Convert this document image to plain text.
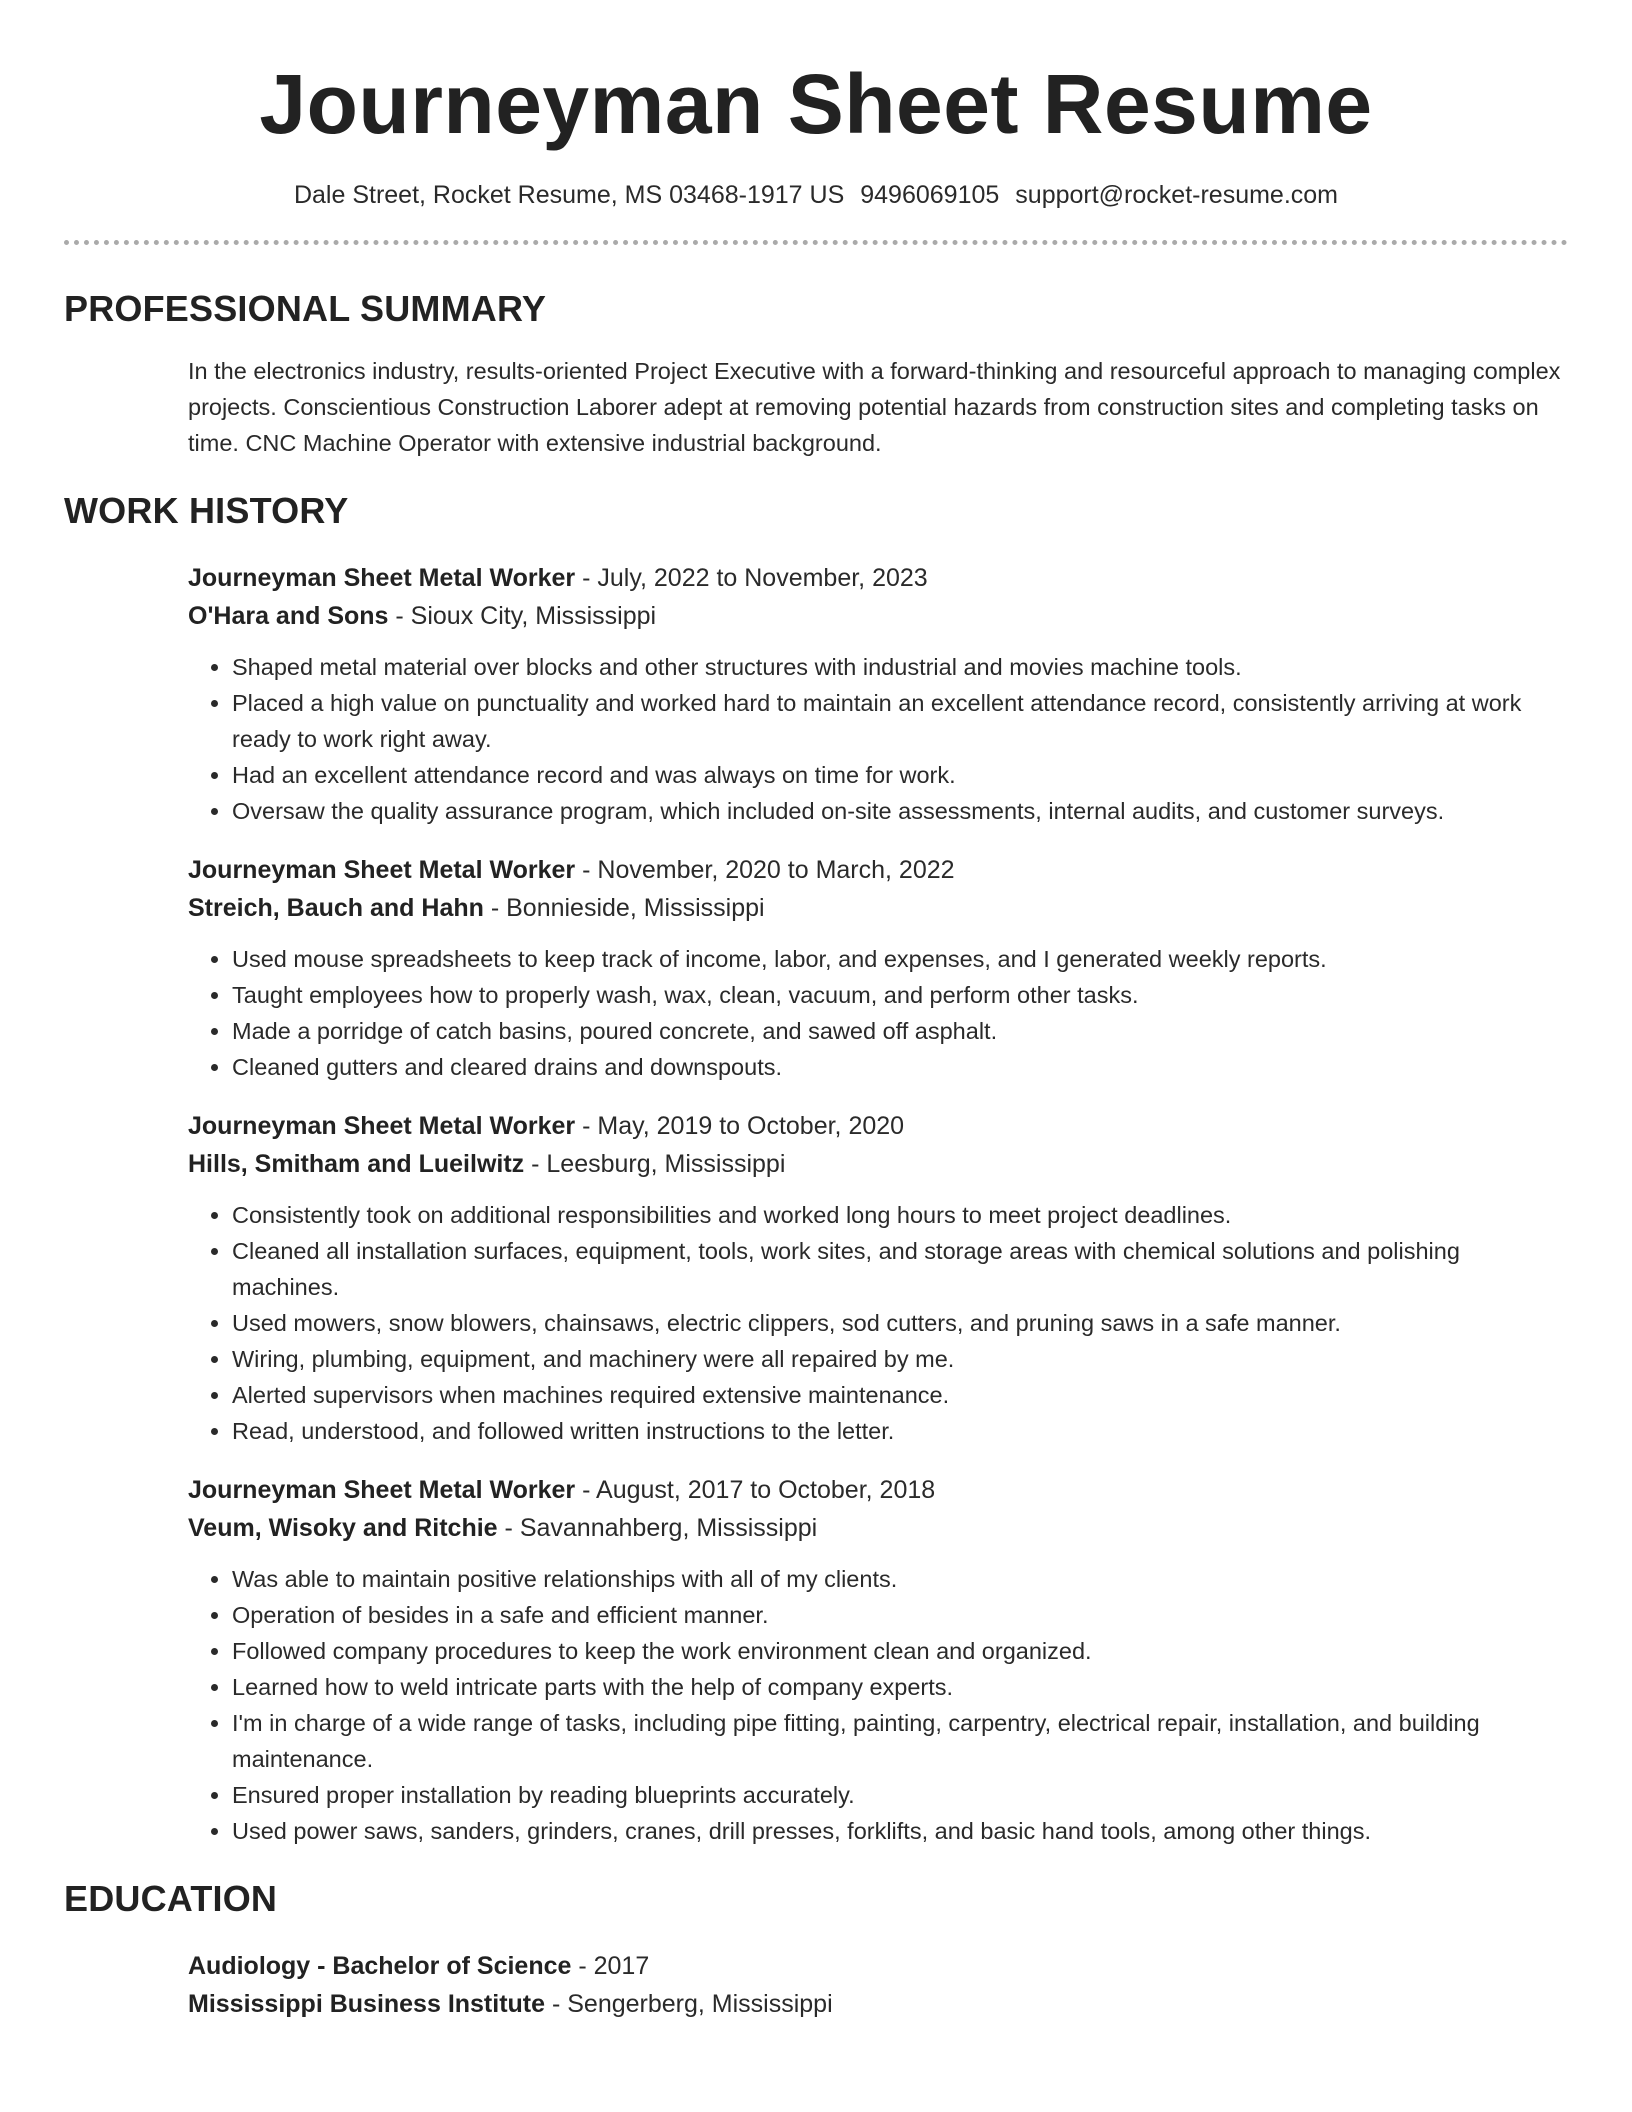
Journeyman Sheet Resume
Dale Street, Rocket Resume, MS 03468-1917 US 9496069105 support@rocket-resume.com
PROFESSIONAL SUMMARY

In the electronics industry, results-oriented Project Executive with a forward-thinking and resourceful approach to managing complex projects. Conscientious Construction Laborer adept at removing potential hazards from construction sites and completing tasks on time. CNC Machine Operator with extensive industrial background.

WORK HISTORY
Journeyman Sheet Metal Worker - July, 2022 to November, 2023
O'Hara and Sons - Sioux City, Mississippi
• Shaped metal material over blocks and other structures with industrial and movies machine tools.
• Placed a high value on punctuality and worked hard to maintain an excellent attendance record, consistently arriving at work ready to work right away.
• Had an excellent attendance record and was always on time for work.
• Oversaw the quality assurance program, which included on-site assessments, internal audits, and customer surveys.
Journeyman Sheet Metal Worker - November, 2020 to March, 2022
Streich, Bauch and Hahn - Bonnieside, Mississippi
• Used mouse spreadsheets to keep track of income, labor, and expenses, and I generated weekly reports.
• Taught employees how to properly wash, wax, clean, vacuum, and perform other tasks.
• Made a porridge of catch basins, poured concrete, and sawed off asphalt.
• Cleaned gutters and cleared drains and downspouts.
Journeyman Sheet Metal Worker - May, 2019 to October, 2020
Hills, Smitham and Lueilwitz - Leesburg, Mississippi
• Consistently took on additional responsibilities and worked long hours to meet project deadlines.
• Cleaned all installation surfaces, equipment, tools, work sites, and storage areas with chemical solutions and polishing machines.
• Used mowers, snow blowers, chainsaws, electric clippers, sod cutters, and pruning saws in a safe manner.
• Wiring, plumbing, equipment, and machinery were all repaired by me.
• Alerted supervisors when machines required extensive maintenance.
• Read, understood, and followed written instructions to the letter.
Journeyman Sheet Metal Worker - August, 2017 to October, 2018
Veum, Wisoky and Ritchie - Savannahberg, Mississippi
• Was able to maintain positive relationships with all of my clients.
• Operation of besides in a safe and efficient manner.
• Followed company procedures to keep the work environment clean and organized.
• Learned how to weld intricate parts with the help of company experts.
• I'm in charge of a wide range of tasks, including pipe fitting, painting, carpentry, electrical repair, installation, and building maintenance.
• Ensured proper installation by reading blueprints accurately.
• Used power saws, sanders, grinders, cranes, drill presses, forklifts, and basic hand tools, among other things.
EDUCATION
Audiology - Bachelor of Science - 2017
Mississippi Business Institute - Sengerberg, Mississippi
